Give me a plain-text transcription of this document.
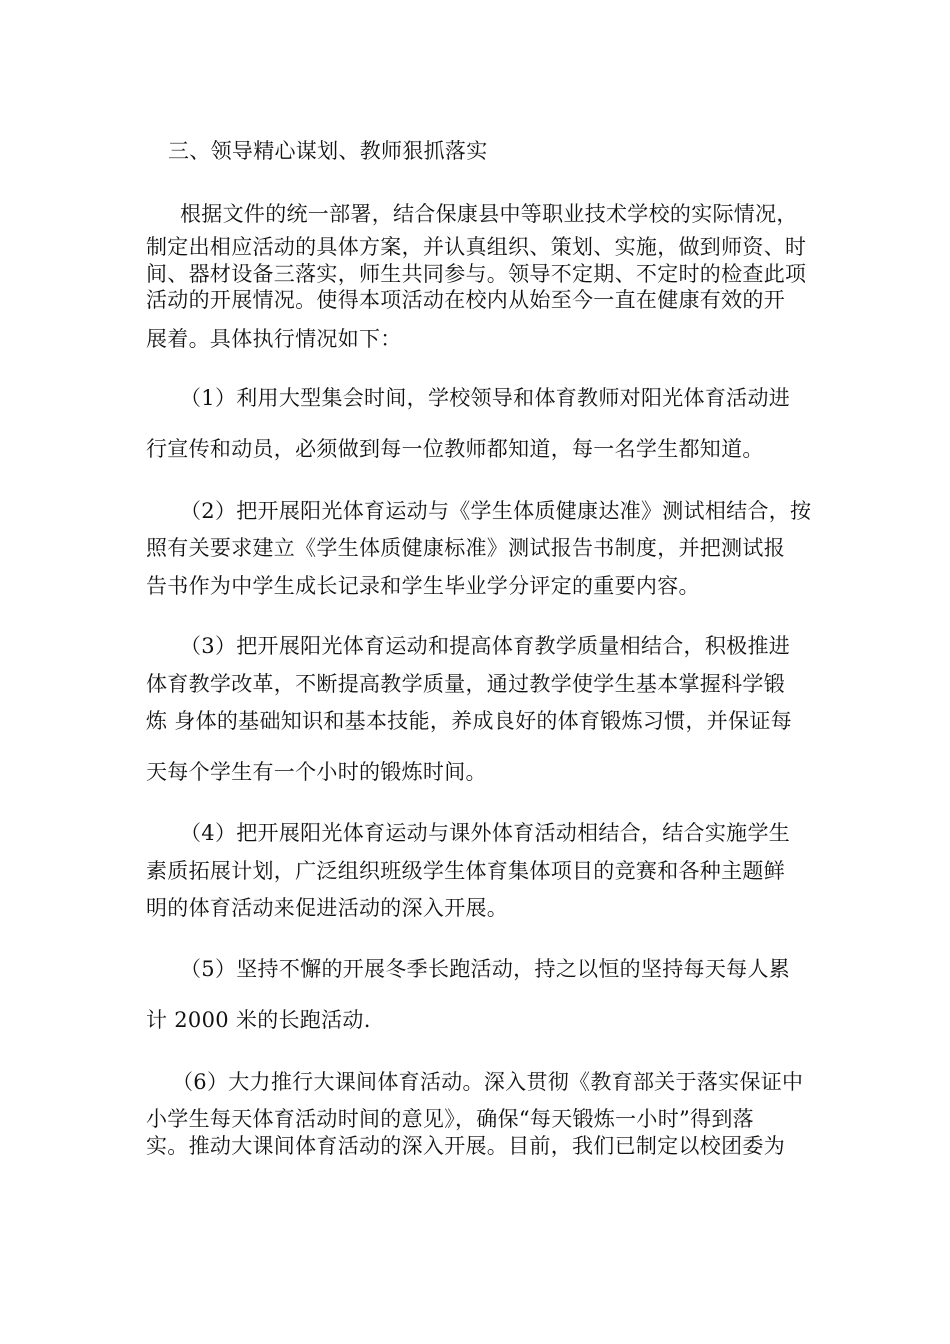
三、领导精心谋划、教师狠抓落实
根据文件的统一部署，结合保康县中等职业技术学校的实际情况，
制定出相应活动的具体方案，并认真组织、策划、实施，做到师资、时
间、器材设备三落实，师生共同参与。领导不定期、不定时的检查此项
活动的开展情况。使得本项活动在校内从始至今一直在健康有效的开
展着。具体执行情况如下：
（1）利用大型集会时间，学校领导和体育教师对阳光体育活动进
行宣传和动员，必须做到每一位教师都知道，每一名学生都知道。
（2）把开展阳光体育运动与《学生体质健康达准》测试相结合，按
照有关要求建立《学生体质健康标准》测试报告书制度，并把测试报
告书作为中学生成长记录和学生毕业学分评定的重要内容。
（3）把开展阳光体育运动和提高体育教学质量相结合，积极推进
体育教学改革，不断提高教学质量，通过教学使学生基本掌握科学锻
炼 身体的基础知识和基本技能，养成良好的体育锻炼习惯，并保证每
天每个学生有一个小时的锻炼时间。
（4）把开展阳光体育运动与课外体育活动相结合，结合实施学生
素质拓展计划，广泛组织班级学生体育集体项目的竞赛和各种主题鲜
明的体育活动来促进活动的深入开展。
（5）坚持不懈的开展冬季长跑活动，持之以恒的坚持每天每人累
计 2000 米的长跑活动.
（6）大力推行大课间体育活动。深入贯彻《教育部关于落实保证中
小学生每天体育活动时间的意见》，确保“每天锻炼一小时”得到落
实。推动大课间体育活动的深入开展。目前，我们已制定以校团委为
